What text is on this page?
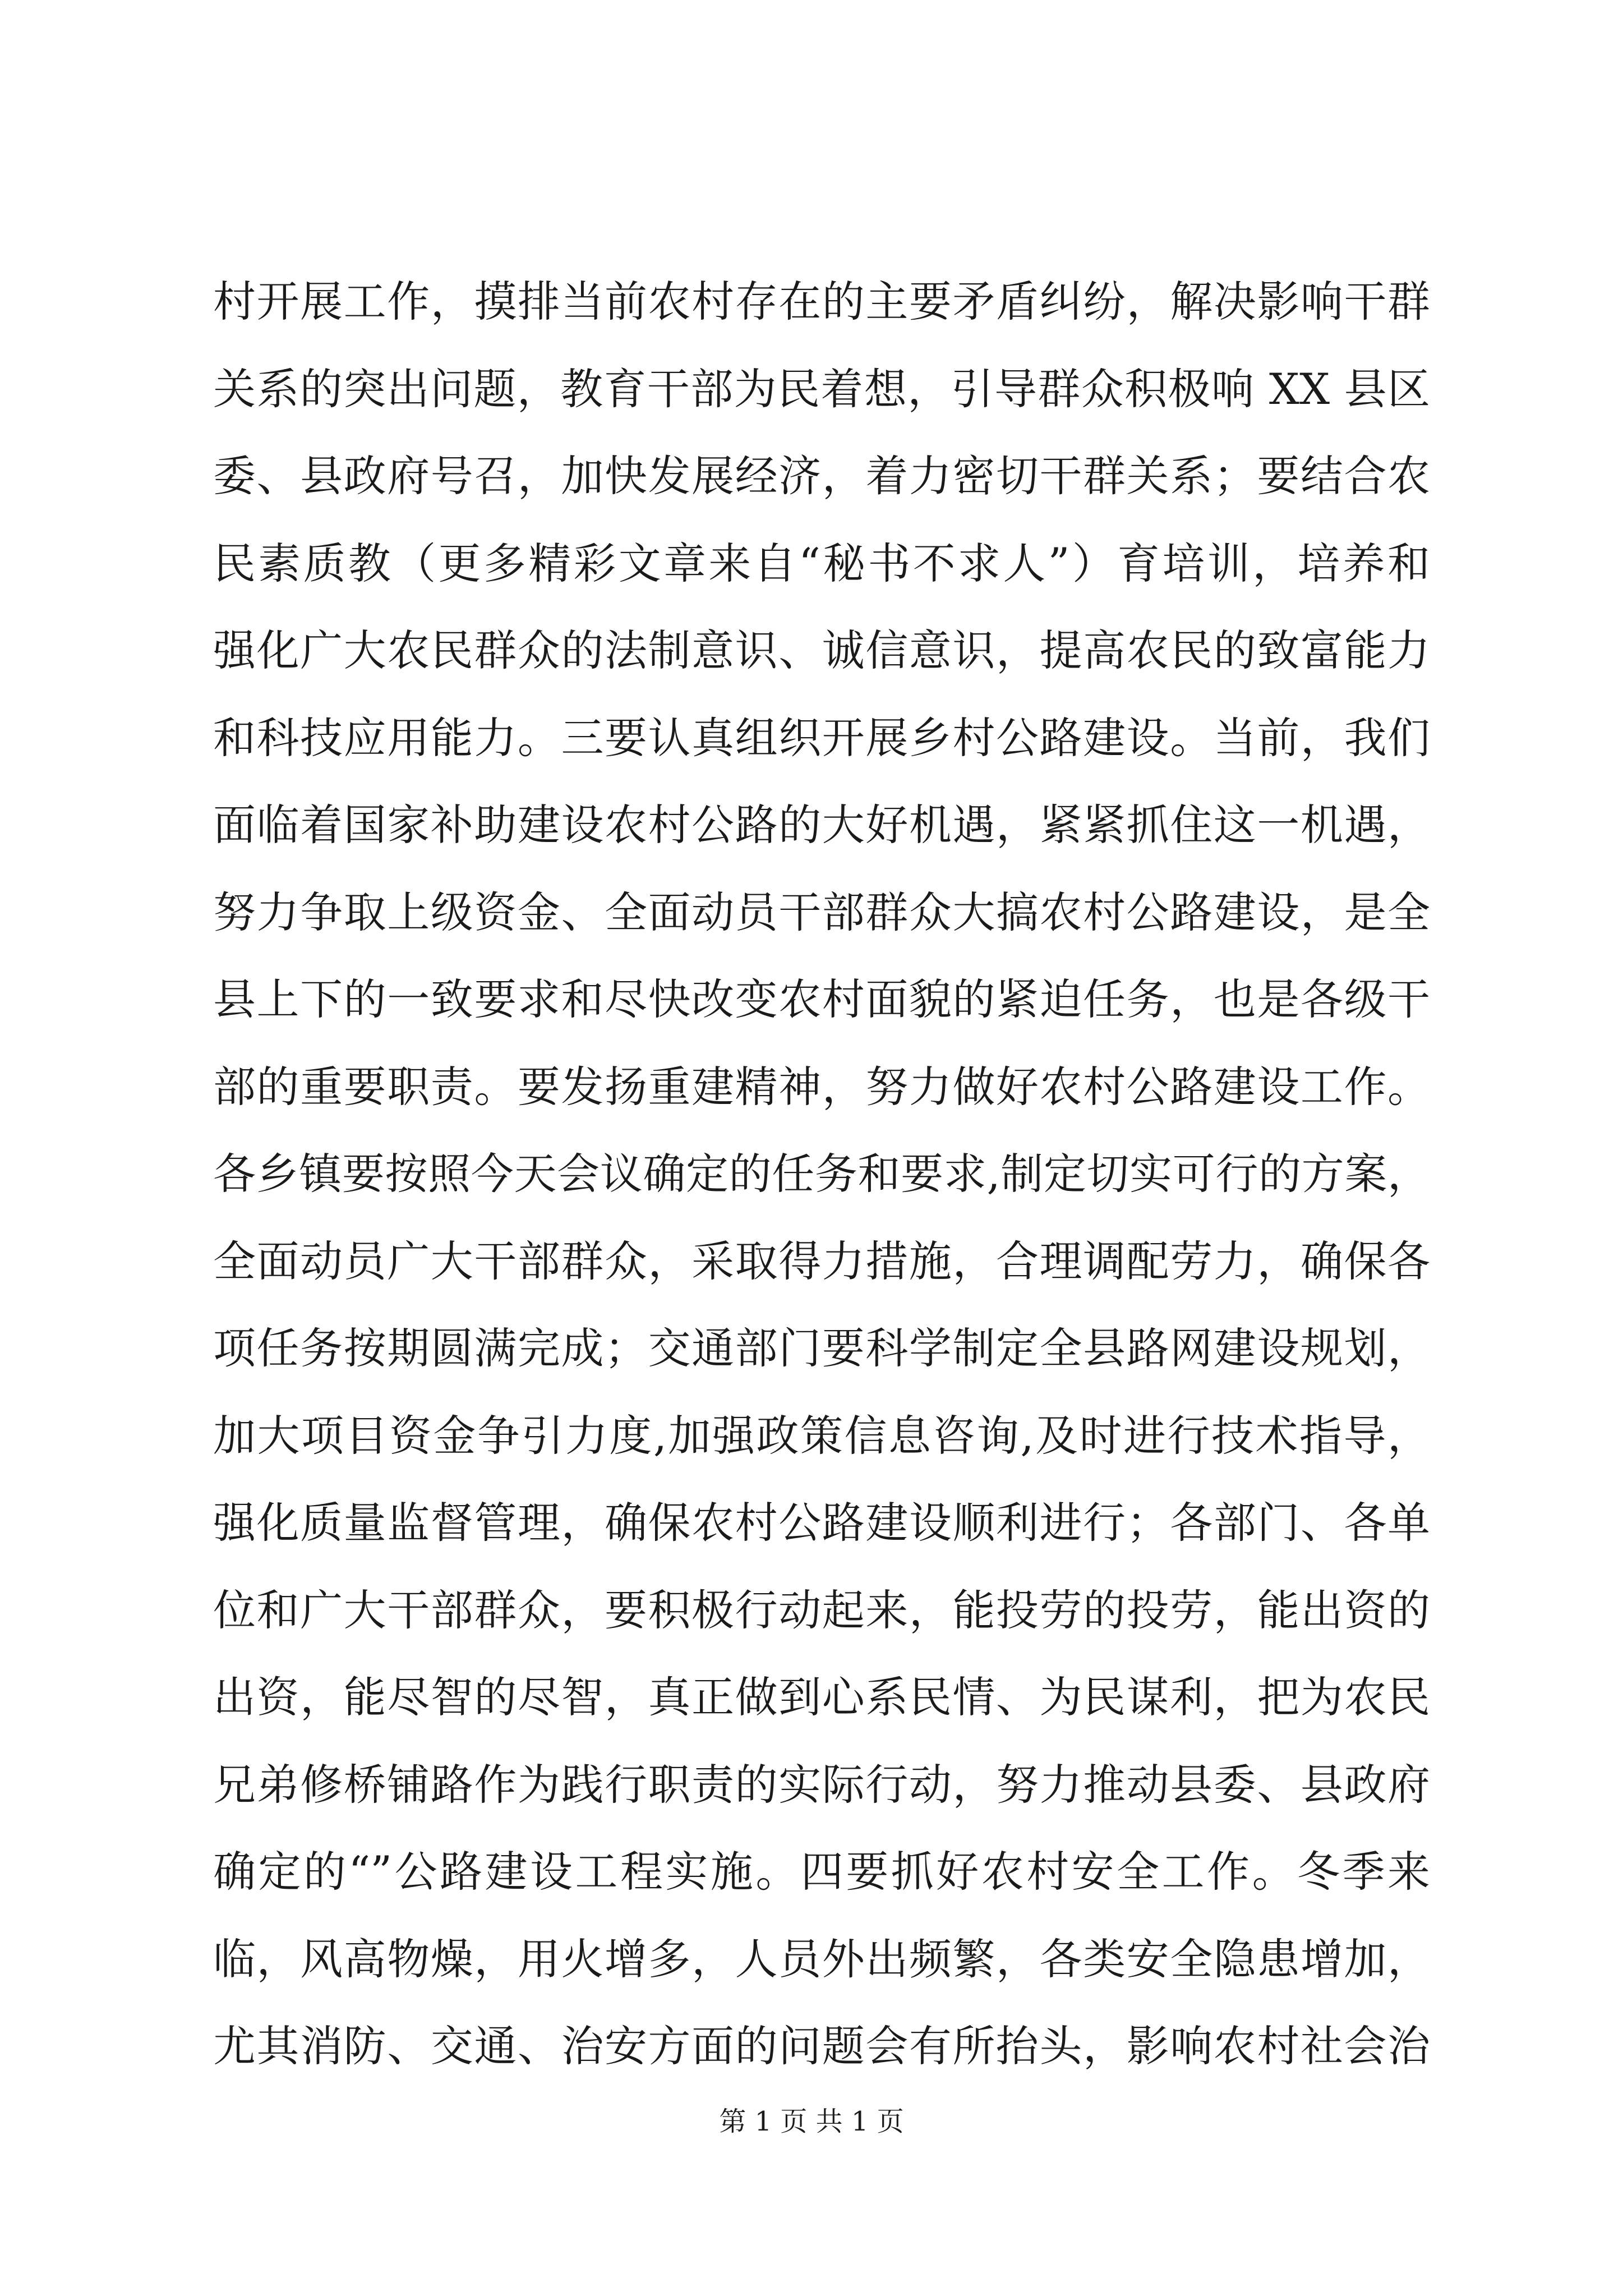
村开展工作，摸排当前农村存在的主要矛盾纠纷，解决影响干群
关系的突出问题，教育干部为民着想，引导群众积极响 XX 县区
委、县政府号召，加快发展经济，着力密切干群关系；要结合农
民素质教（更多精彩文章来自“秘书不求人”）育培训，培养和
强化广大农民群众的法制意识、诚信意识，提高农民的致富能力
和科技应用能力。三要认真组织开展乡村公路建设。当前，我们
面临着国家补助建设农村公路的大好机遇，紧紧抓住这一机遇，
努力争取上级资金、全面动员干部群众大搞农村公路建设，是全
县上下的一致要求和尽快改变农村面貌的紧迫任务，也是各级干
部的重要职责。要发扬重建精神，努力做好农村公路建设工作。
各乡镇要按照今天会议确定的任务和要求,制定切实可行的方案，
全面动员广大干部群众，采取得力措施，合理调配劳力，确保各
项任务按期圆满完成；交通部门要科学制定全县路网建设规划，
加大项目资金争引力度,加强政策信息咨询,及时进行技术指导，
强化质量监督管理，确保农村公路建设顺利进行；各部门、各单
位和广大干部群众，要积极行动起来，能投劳的投劳，能出资的
出资，能尽智的尽智，真正做到心系民情、为民谋利，把为农民
兄弟修桥铺路作为践行职责的实际行动，努力推动县委、县政府
确定的“”公路建设工程实施。四要抓好农村安全工作。冬季来
临，风高物燥，用火增多，人员外出频繁，各类安全隐患增加，
尤其消防、交通、治安方面的问题会有所抬头，影响农村社会治
第 1 页 共 1 页
